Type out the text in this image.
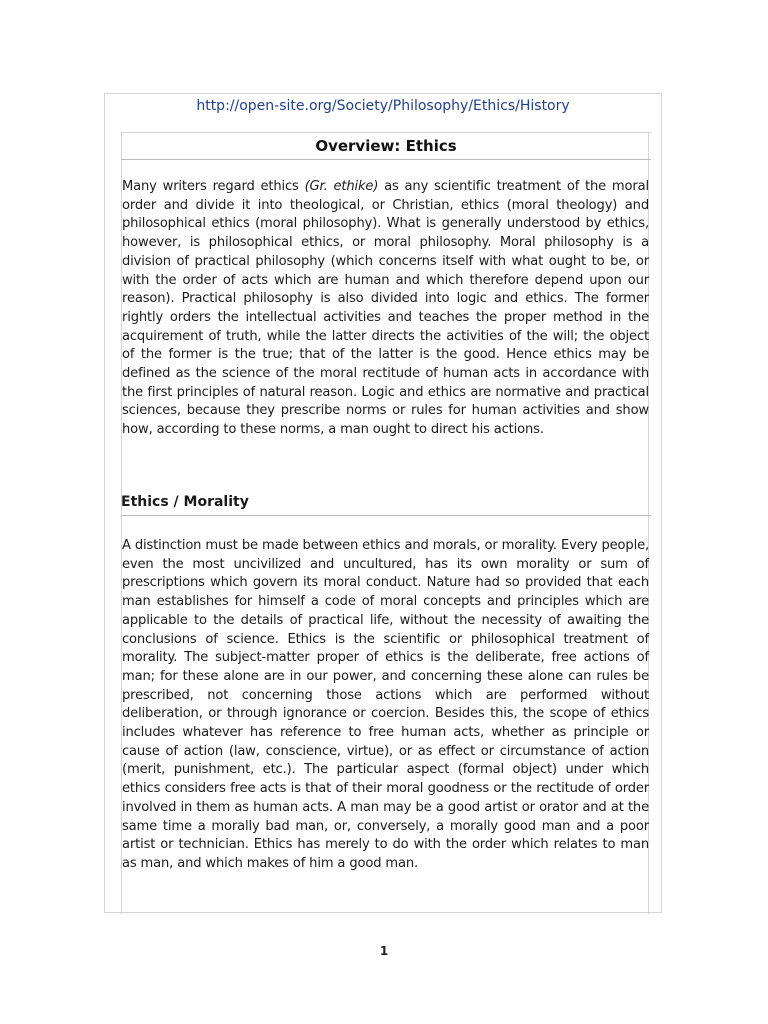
http://open-site.org/Society/Philosophy/Ethics/History
Overview: Ethics
Many writers regard ethics (Gr. ethike) as any scientific treatment of the moral order and divide it into theological, or Christian, ethics (moral theology) and philosophical ethics (moral philosophy). What is generally understood by ethics, however, is philosophical ethics, or moral philosophy. Moral philosophy is a division of practical philosophy (which concerns itself with what ought to be, or with the order of acts which are human and which therefore depend upon our reason). Practical philosophy is also divided into logic and ethics. The former rightly orders the intellectual activities and teaches the proper method in the acquirement of truth, while the latter directs the activities of the will; the object of the former is the true; that of the latter is the good. Hence ethics may be defined as the science of the moral rectitude of human acts in accordance with the first principles of natural reason. Logic and ethics are normative and practical sciences, because they prescribe norms or rules for human activities and show how, according to these norms, a man ought to direct his actions.
Ethics / Morality
A distinction must be made between ethics and morals, or morality. Every people, even the most uncivilized and uncultured, has its own morality or sum of prescriptions which govern its moral conduct. Nature had so provided that each man establishes for himself a code of moral concepts and principles which are applicable to the details of practical life, without the necessity of awaiting the conclusions of science. Ethics is the scientific or philosophical treatment of morality. The subject-matter proper of ethics is the deliberate, free actions of man; for these alone are in our power, and concerning these alone can rules be prescribed, not concerning those actions which are performed without deliberation, or through ignorance or coercion. Besides this, the scope of ethics includes whatever has reference to free human acts, whether as principle or cause of action (law, conscience, virtue), or as effect or circumstance of action (merit, punishment, etc.). The particular aspect (formal object) under which ethics considers free acts is that of their moral goodness or the rectitude of order involved in them as human acts. A man may be a good artist or orator and at the same time a morally bad man, or, conversely, a morally good man and a poor artist or technician. Ethics has merely to do with the order which relates to man as man, and which makes of him a good man.
1
